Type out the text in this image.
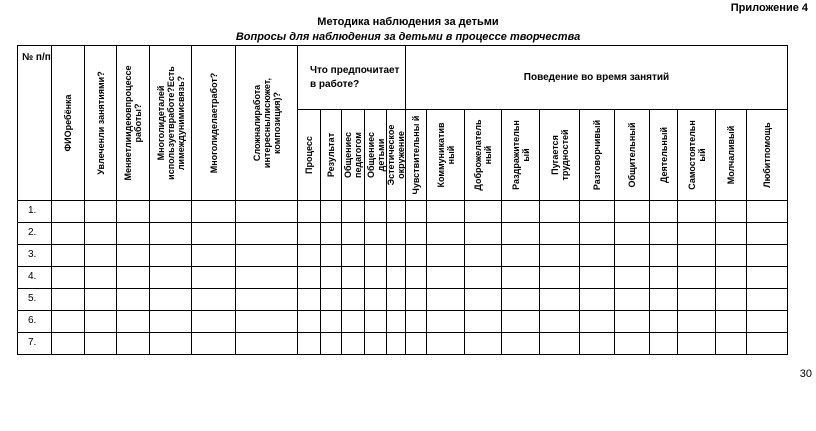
Приложение 4
Методика наблюдения за детьми
Вопросы для наблюдения за детьми в процессе творчества
№ п/п	ФИОребёнка	Увлеченли занятиями?	Меняетлиидеювпроцессе работы?	Многолидеталей используетвработе?Есть лимеждунимисвязь?	Многолиделаетработ?	Сложналиработа интереснылисюжет, композиция)?	Что предпочитает в работе?					Поведение во время занятий										

							Процесс	Результат	Общениес педагогом	Общениес детьми	Эстетическое окружение	Чувствительны й	Коммуникатив ный	Доброжелатель ный	Раздражительн ый	Пугается трудностей	Разговорчивый	Общительный	Деятельный	Самостоятельн ый	Молчаливый	Любитпомощь

1.																						
2.																						
3.																						
4.																						
5.																						
6.																						
7.																						
30
